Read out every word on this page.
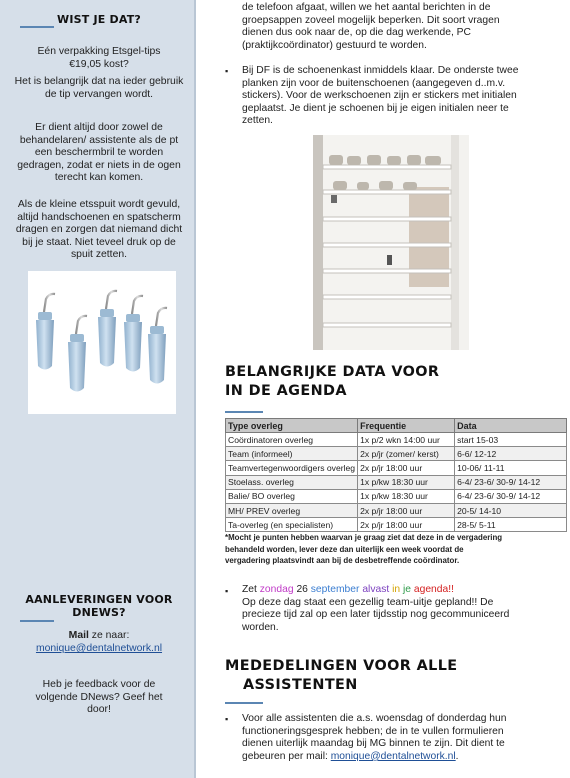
WIST JE DAT?
Eén verpakking Etsgel-tips €19,05 kost?
Het is belangrijk dat na ieder gebruik de tip vervangen wordt.
Er dient altijd door zowel de behandelaren/ assistente als de pt een beschermbril te worden gedragen, zodat er niets in de ogen terecht kan komen.
Als de kleine etsspuit wordt gevuld, altijd handschoenen en spatscherm dragen en zorgen dat niemand dicht bij je staat. Niet teveel druk op de spuit zetten.
AANLEVERINGEN VOOR DNEWS?
Mail ze naar:
monique@dentalnetwork.nl
Heb je feedback voor de volgende DNews? Geef het door!
de telefoon afgaat, willen we het aantal berichten in de
groepsappen zoveel mogelijk beperken. Dit soort vragen
dienen dus ook naar de, op die dag werkende, PC
(praktijkcoördinator) gestuurd te worden.
▪ Bij DF is de schoenenkast inmiddels klaar. De onderste twee
planken zijn voor de buitenschoenen (aangegeven d..m.v.
stickers). Voor de werkschoenen zijn er stickers met initialen
geplaatst. Je dient je schoenen bij je eigen initialen neer te
zetten.
BELANGRIJKE DATA VOOR
IN DE AGENDA
Type overleg	Frequentie	Data
Coördinatoren overleg	1x p/2 wkn 14:00 uur	start 15-03
Team (informeel)	2x p/jr (zomer/ kerst)	6-6/ 12-12
Teamvertegenwoordigers overleg	2x p/jr 18:00 uur	10-06/ 11-11
Stoelass. overleg	1x p/kw 18:30 uur	6-4/ 23-6/ 30-9/ 14-12
Balie/ BO overleg	1x p/kw 18:30 uur	6-4/ 23-6/ 30-9/ 14-12
MH/ PREV overleg	2x p/jr 18:00 uur	20-5/ 14-10
Ta-overleg (en specialisten)	2x p/jr 18:00 uur	28-5/ 5-11
*Mocht je punten hebben waarvan je graag ziet dat deze in de vergadering
behandeld worden, lever deze dan uiterlijk een week voordat de
vergadering plaatsvindt aan bij de desbetreffende coördinator.
▪ Zet zondag 26 september alvast in je agenda!!
Op deze dag staat een gezellig team-uitje gepland!! De
precieze tijd zal op een later tijdsstip nog gecommuniceerd
worden.
MEDEDELINGEN VOOR ALLE
ASSISTENTEN
▪ Voor alle assistenten die a.s. woensdag of donderdag hun
functioneringsgesprek hebben; de in te vullen formulieren
dienen uiterlijk maandag bij MG binnen te zijn. Dit dient te
gebeuren per mail: monique@dentalnetwork.nl.
